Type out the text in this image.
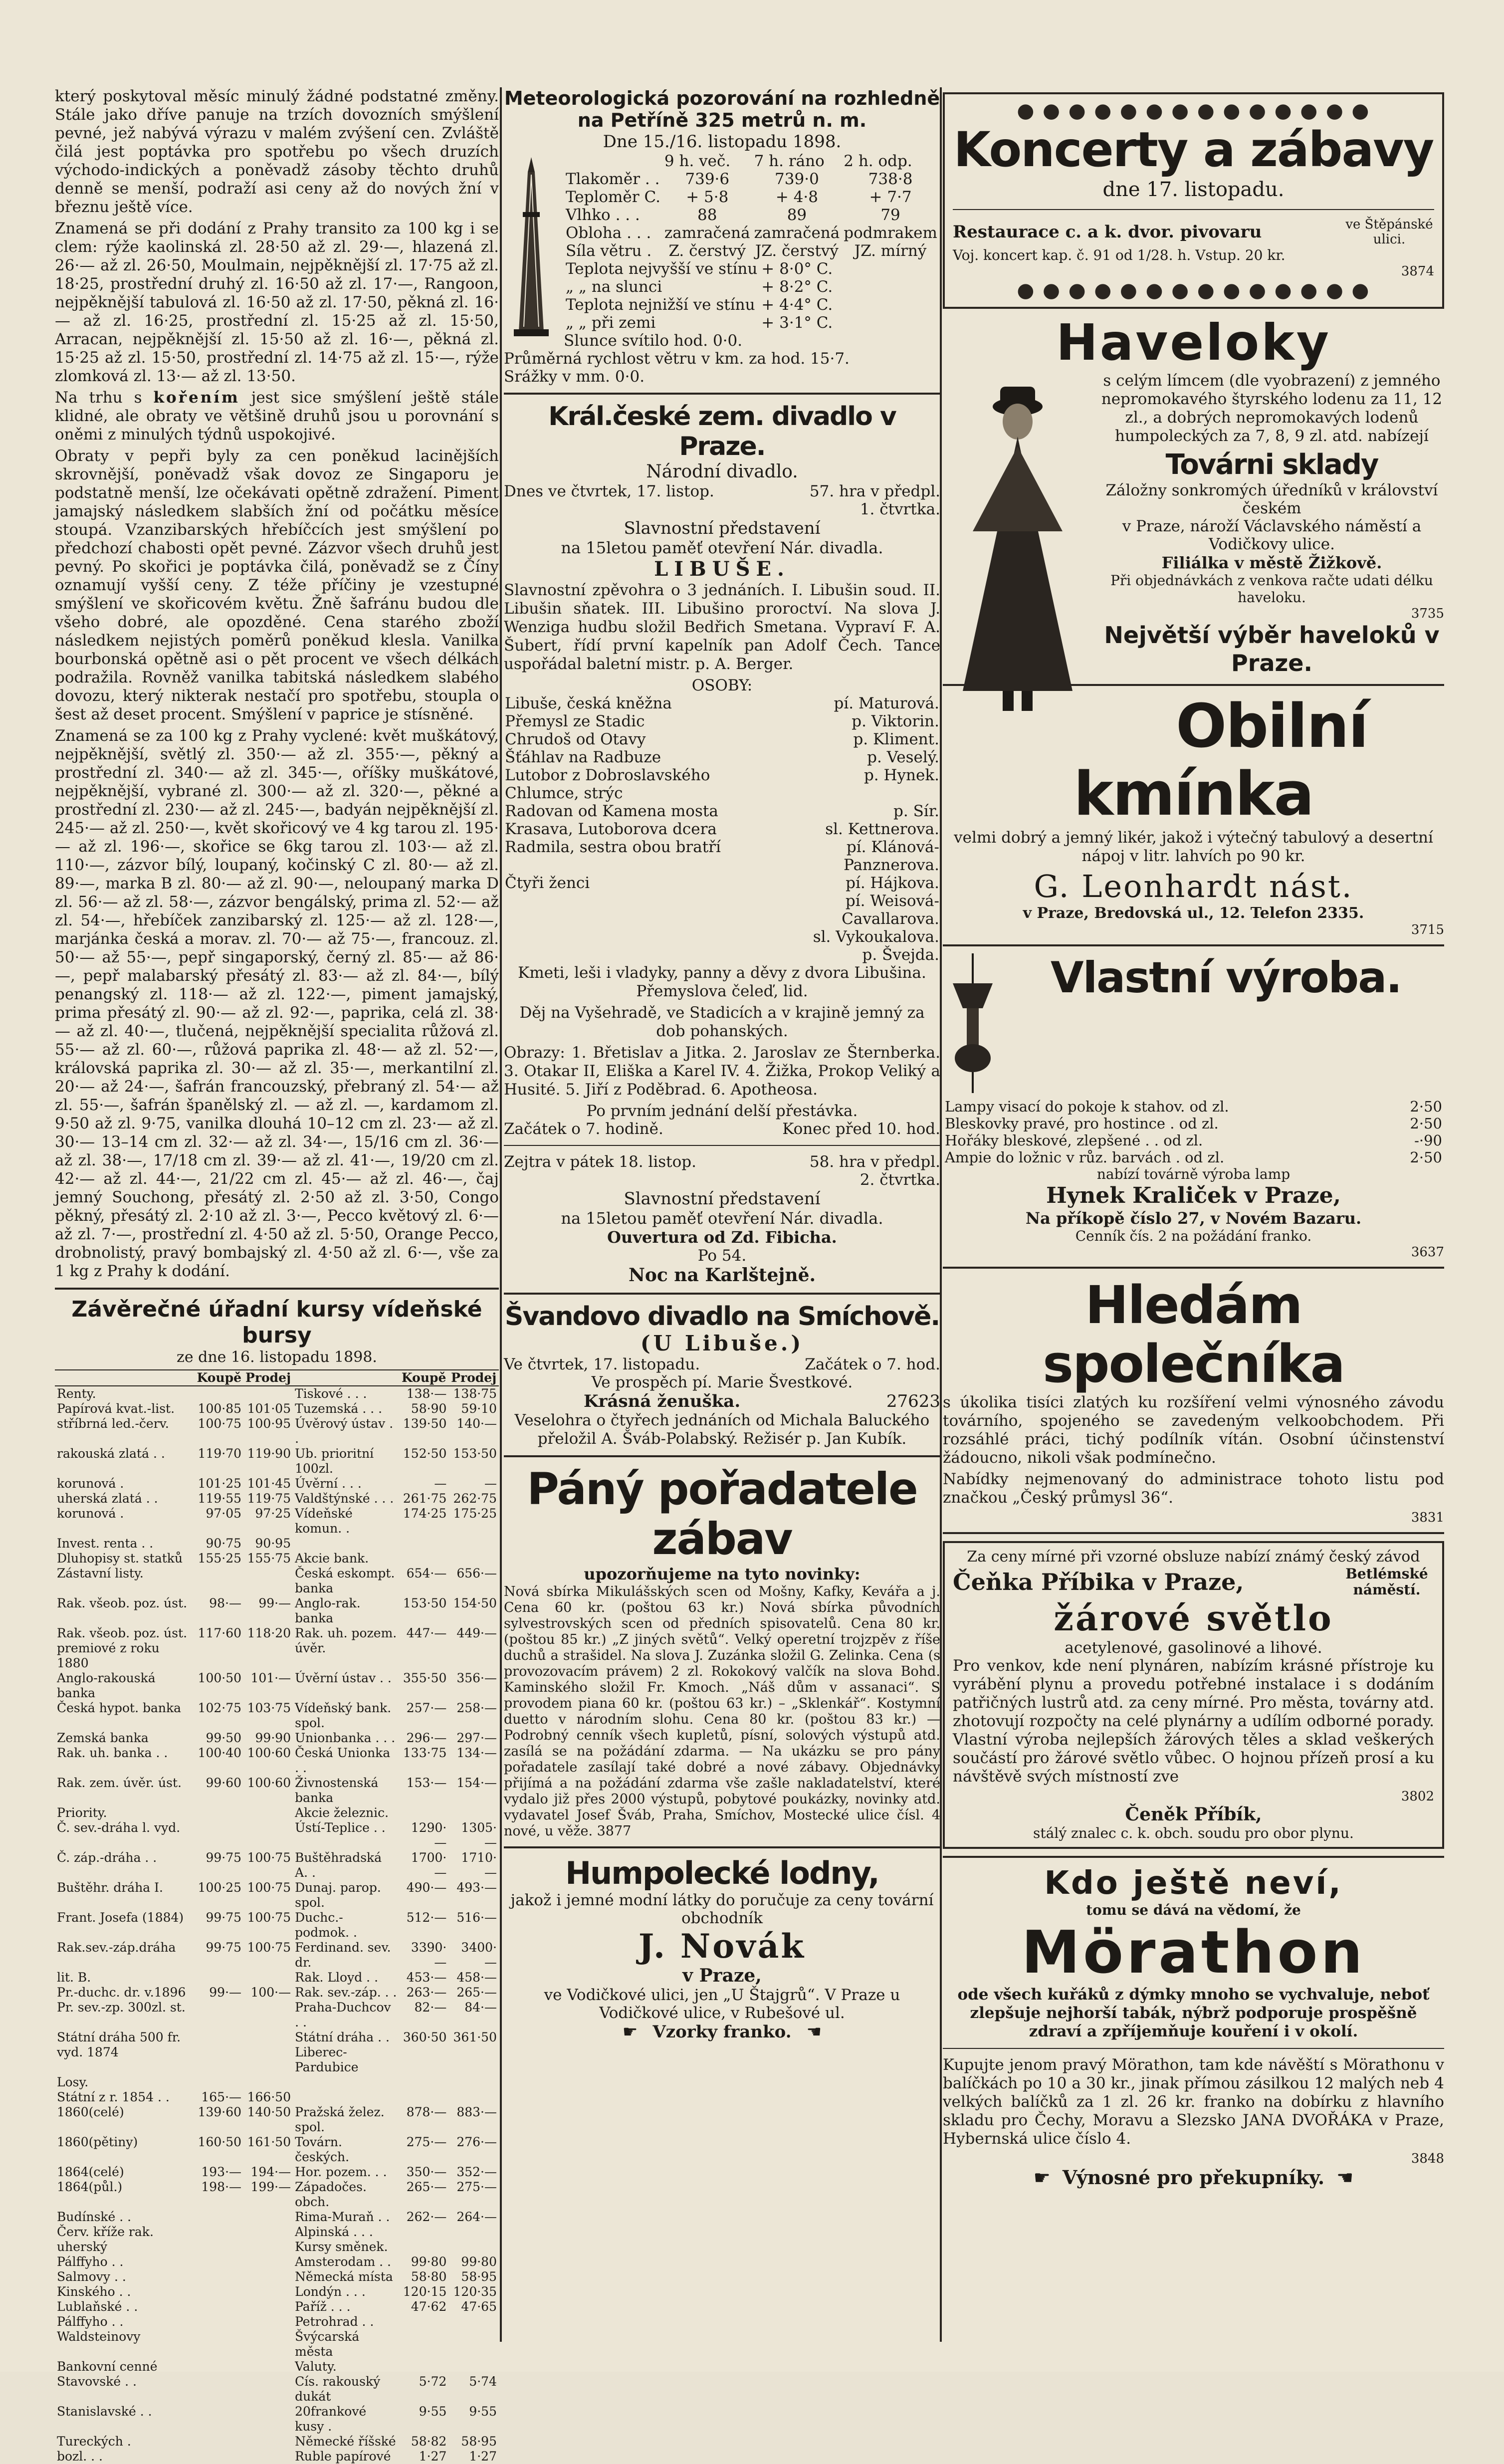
který poskytoval měsíc minulý žádné podstatné změny. Stále jako dříve panuje na trzích dovozních smýšlení pevné, jež nabývá výrazu v malém zvýšení cen. Zvláště čilá jest poptávka pro spotřebu po všech druzích východo-indických a poněvadž zásoby těchto druhů denně se menší, podraží asi ceny až do nových žní v březnu ještě více.

Znamená se při dodání z Prahy transito za 100 kg i se clem: rýže kaolinská zl. 28·50 až zl. 29·—, hlazená zl. 26·— až zl. 26·50, Moulmain, nejpěknější zl. 17·75 až zl. 18·25, prostřední druhý zl. 16·50 až zl. 17·—, Rangoon, nejpěknější tabulová zl. 16·50 až zl. 17·50, pěkná zl. 16·— až zl. 16·25, prostřední zl. 15·25 až zl. 15·50, Arracan, nejpěknější zl. 15·50 až zl. 16·—, pěkná zl. 15·25 až zl. 15·50, prostřední zl. 14·75 až zl. 15·—, rýže zlomková zl. 13·— až zl. 13·50.

Na trhu s kořením jest sice smýšlení ještě stále klidné, ale obraty ve většině druhů jsou u porovnání s oněmi z minulých týdnů uspokojivé.

Obraty v pepři byly za cen poněkud lacinějších skrovnější, poněvadž však dovoz ze Singaporu je podstatně menší, lze očekávati opětně zdražení. Piment jamajský následkem slabších žní od počátku měsíce stoupá. Vzanzibarských hřebíčcích jest smýšlení po předchozí chabosti opět pevné. Zázvor všech druhů jest pevný. Po skořici je poptávka čilá, poněvadž se z Číny oznamují vyšší ceny. Z téže příčiny je vzestupné smýšlení ve skořicovém květu. Žně šafránu budou dle všeho dobré, ale opozděné. Cena starého zboží následkem nejistých poměrů poněkud klesla. Vanilka bourbonská opětně asi o pět procent ve všech délkách podražila. Rovněž vanilka tabitská následkem slabého dovozu, který nikterak nestačí pro spotřebu, stoupla o šest až deset procent. Smýšlení v paprice je stísněné.

Znamená se za 100 kg z Prahy vyclené: květ muškátový, nejpěknější, světlý zl. 350·— až zl. 355·—, pěkný a prostřední zl. 340·— až zl. 345·—, oříšky muškátové, nejpěknější, vybrané zl. 300·— až zl. 320·—, pěkné a prostřední zl. 230·— až zl. 245·—, badyán nejpěknější zl. 245·— až zl. 250·—, květ skořicový ve 4 kg tarou zl. 195·— až zl. 196·—, skořice se 6kg tarou zl. 103·— až zl. 110·—, zázvor bílý, loupaný, kočinský C zl. 80·— až zl. 89·—, marka B zl. 80·— až zl. 90·—, neloupaný marka D zl. 56·— až zl. 58·—, zázvor bengálský, prima zl. 52·— až zl. 54·—, hřebíček zanzibarský zl. 125·— až zl. 128·—, marjánka česká a morav. zl. 70·— až 75·—, francouz. zl. 50·— až 55·—, pepř singaporský, černý zl. 85·— až 86·—, pepř malabarský přesátý zl. 83·— až zl. 84·—, bílý penangský zl. 118·— až zl. 122·—, piment jamajský, prima přesátý zl. 90·— až zl. 92·—, paprika, celá zl. 38·— až zl. 40·—, tlučená, nejpěknější specialita růžová zl. 55·— až zl. 60·—, růžová paprika zl. 48·— až zl. 52·—, královská paprika zl. 30·— až zl. 35·—, merkantilní zl. 20·— až 24·—, šafrán francouzský, přebraný zl. 54·— až zl. 55·—, šafrán španělský zl. — až zl. —, kardamom zl. 9·50 až zl. 9·75, vanilka dlouhá 10–12 cm zl. 23·— až zl. 30·— 13–14 cm zl. 32·— až zl. 34·—, 15/16 cm zl. 36·— až zl. 38·—, 17/18 cm zl. 39·— až zl. 41·—, 19/20 cm zl. 42·— až zl. 44·—, 21/22 cm zl. 45·— až zl. 46·—, čaj jemný Souchong, přesátý zl. 2·50 až zl. 3·50, Congo pěkný, přesátý zl. 2·10 až zl. 3·—, Pecco květový zl. 6·— až zl. 7·—, prostřední zl. 4·50 až zl. 5·50, Orange Pecco, drobnolistý, pravý bombajský zl. 4·50 až zl. 6·—, vše za 1 kg z Prahy k dodání.

Závěrečné úřadní kursy vídeňské bursy
ze dne 16. listopadu 1898.
	Koupě	Prodej		Koupě	Prodej
Renty.			Tiskové . . .	138·—	138·75
Papírová kvat.-list.	100·85	101·05	Tuzemská . . .	58·90	59·10
stříbrná led.-červ.	100·75	100·95	Úvěrový ústav . .	139·50	140·—
rakouská zlatá . .	119·70	119·90	Ub. prioritní 100zl.	152·50	153·50
korunová .	101·25	101·45	Úvěrní . . .	—	—
uherská zlatá . .	119·55	119·75	Valdštýnské . . .	261·75	262·75
korunová .	97·05	97·25	Vídeňské komun. .	174·25	175·25
Invest. renta . .	90·75	90·95			
Dluhopisy st. statků	155·25	155·75	Akcie bank.		
Zástavní listy.			Česká eskompt. banka	654·—	656·—
Rak. všeob. poz. úst.	98·—	99·—	Anglo-rak. banka	153·50	154·50
Rak. všeob. poz. úst. premiové z roku 1880	117·60	118·20	Rak. uh. pozem. úvěr.	447·—	449·—
Anglo-rakouská banka	100·50	101·—	Úvěrní ústav . .	355·50	356·—
Česká hypot. banka	102·75	103·75	Vídeňský bank. spol.	257·—	258·—
Zemská banka	99·50	99·90	Unionbanka . . .	296·—	297·—
Rak. uh. banka . .	100·40	100·60	Česká Unionka . .	133·75	134·—
Rak. zem. úvěr. úst.	99·60	100·60	Živnostenská banka	153·—	154·—
Priority.			Akcie železnic.		
Č. sev.-dráha l. vyd.			Ústí-Teplice . .	1290·—	1305·—
Č. záp.-dráha . .	99·75	100·75	Buštěhradská A. .	1700·—	1710·—
Buštěhr. dráha I.	100·25	100·75	Dunaj. parop. spol.	490·—	493·—
Frant. Josefa (1884)	99·75	100·75	Duchc.-podmok. .	512·—	516·—
Rak.sev.-záp.dráha	99·75	100·75	Ferdinand. sev. dr.	3390·—	3400·—
lit. B.			Rak. Lloyd . .	453·—	458·—
Pr.-duchc. dr. v.1896	99·—	100·—	Rak. sev.-záp. . .	263·—	265·—
Pr. sev.-zp. 300zl. st.			Praha-Duchcov . .	82·—	84·—
Státní dráha 500 fr.			Státní dráha . .	360·50	361·50
vyd. 1874			Liberec-Pardubice		
Losy.					
Státní z r. 1854 . .	165·—	166·50			
1860(celé)	139·60	140·50	Pražská želez. spol.	878·—	883·—
1860(pětiny)	160·50	161·50	Továrn. českých.	275·—	276·—
1864(celé)	193·—	194·—	Hor. pozem. . .	350·—	352·—
1864(půl.)	198·—	199·—	Západočes. obch.	265·—	275·—
Budínské . .			Rima-Muraň . .	262·—	264·—
Červ. kříže rak.			Alpinská . . .		
uherský			Kursy směnek.		
Pálffyho . .			Amsterodam . .	99·80	99·80
Salmovy . .			Německá místa	58·80	58·95
Kinského . .			Londýn . . .	120·15	120·35
Lublaňské . .			Paříž . . .	47·62	47·65
Pálffyho . .			Petrohrad . .		
Waldsteinovy			Švýcarská města		
Bankovní cenné			Valuty.		
Stavovské . .			Cís. rakouský dukát	5·72	5·74
Stanislavské . .			20frankové kusy .	9·55	9·55
Tureckých .			Německé říšské	58·82	58·95
bozl. . .			Ruble papírové	1·27	1·27
Meteorologická pozorování na rozhledně
na Petříně 325 metrů n. m.
Dne 15./16. listopadu 1898.
	9 h. več.	7 h. ráno	2 h. odp.
Tlakoměr . .	739·6	739·0	738·8
Teploměr C.	+ 5·8	+ 4·8	+ 7·7
Vlhko . . .	88	89	79
Obloha . . .	zamračená	zamračená	podmrakem
Síla větru .	Z. čerstvý	JZ. čerstvý	JZ. mírný
Teplota nejvyšší ve stínu	+ 8·0° C.
„ „ na slunci	+ 8·2° C.
Teplota nejnižší ve stínu	+ 4·4° C.
„ „ při zemi	+ 3·1° C.
Slunce svítilo hod. 0·0.
Průměrná rychlost větru v km. za hod. 15·7.
Srážky v mm. 0·0.
Král.české zem. divadlo v Praze.
Národní divadlo.
Dnes ve čtvrtek, 17. listop.	57. hra v předpl.
1. čtvrtka.
Slavnostní představení
na 15letou paměť otevření Nár. divadla.
LIBUŠE.

Slavnostní zpěvohra o 3 jednáních. I. Libušin soud. II. Libušin sňatek. III. Libušino proroctví. Na slova J. Wenziga hudbu složil Bedřich Smetana. Vypraví F. A. Šubert, řídí první kapelník pan Adolf Čech. Tance uspořádal baletní mistr. p. A. Berger.

OSOBY:
Libuše, česká kněžna	pí. Maturová.
Přemysl ze Stadic	p. Viktorin.
Chrudoš od Otavy	p. Kliment.
Šťáhlav na Radbuze	p. Veselý.
Lutobor z Dobroslavského Chlumce, strýc	p. Hynek.
Radovan od Kamena mosta	p. Sír.
Krasava, Lutoborova dcera	sl. Kettnerova.
Radmila, sestra obou bratří	pí. Klánová-Panznerova.
Čtyři ženci	pí. Hájkova.
	pí. Weisová-Cavallarova.
	sl. Vykoukalova.
	p. Švejda.

Kmeti, leši i vladyky, panny a děvy z dvora Libušina. Přemyslova čeleď, lid.

Děj na Vyšehradě, ve Stadicích a v krajině jemný za dob pohanských.

Obrazy: 1. Břetislav a Jitka. 2. Jaroslav ze Šternberka. 3. Otakar II, Eliška a Karel IV. 4. Žižka, Prokop Veliký a Husité. 5. Jiří z Poděbrad. 6. Apotheosa.

Po prvním jednání delší přestávka.
Začátek o 7. hodině.	Konec před 10. hod.
Zejtra v pátek 18. listop.	58. hra v předpl.
2. čtvrtka.
Slavnostní představení
na 15letou paměť otevření Nár. divadla.
Ouvertura od Zd. Fibicha.
Po 54.
Noc na Karlštejně.
Švandovo divadlo na Smíchově.
(U Libuše.)
Ve čtvrtek, 17. listopadu.	Začátek o 7. hod.
Ve prospěch pí. Marie Švestkové.
Krásná ženuška.	27623

Veselohra o čtyřech jednáních od Michala Baluckého přeložil A. Šváb-Polabský. Režisér p. Jan Kubík.

Páný pořadatele zábav
upozorňujeme na tyto novinky:

Nová sbírka Mikulášských scen od Mošny, Kafky, Kevářa a j. Cena 60 kr. (poštou 63 kr.) Nová sbírka původních sylvestrovských scen od předních spisovatelů. Cena 80 kr. (poštou 85 kr.) „Z jiných světů“. Velký operetní trojzpěv z říše duchů a strašidel. Na slova J. Zuzánka složil G. Zelinka. Cena (s provozovacím právem) 2 zl. Rokokový valčík na slova Bohd. Kaminského složil Fr. Kmoch. „Náš dům v assanaci“. S provodem piana 60 kr. (poštou 63 kr.) – „Sklenkář“. Kostymní duetto v národním slohu. Cena 80 kr. (poštou 83 kr.) — Podrobný cenník všech kupletů, písní, solových výstupů atd. zasílá se na požádání zdarma. — Na ukázku se pro pány pořadatele zasílají také dobré a nové zábavy. Objednávky přijímá a na požádání zdarma vše zašle nakladatelství, které vydalo již přes 2000 výstupů, pobytové poukázky, novinky atd. vydavatel Josef Šváb, Praha, Smíchov, Mostecké ulice čísl. 4 nové, u věže. 3877

Humpolecké lodny,
jakož i jemné modní látky do poručuje za ceny tovární obchodník
J. Novák
v Praze,
ve Vodičkové ulici, jen „U Štajgrů“. V Praze u Vodičkové ulice, v Rubešové ul.
☛ Vzorky franko. ☚
● ● ● ● ● ● ● ● ● ● ● ● ● ●
Koncerty a zábavy
dne 17. listopadu.
Restaurace c. a k. dvor. pivovaru	ve Štěpánské ulici.
Voj. koncert kap. č. 91 od 1/28. h. Vstup. 20 kr.
3874
● ● ● ● ● ● ● ● ● ● ● ● ● ●
Haveloky

s celým límcem (dle vyobrazení) z jemného nepromokavého štyrského lodenu za 11, 12 zl., a dobrých nepromokavých lodenů humpoleckých za 7, 8, 9 zl. atd. nabízejí

Továrni sklady
Záložny sonkromých úředníků v království českém
v Praze, nároží Václavského náměstí a Vodičkovy ulice.
Filiálka v městě Žižkově.
Při objednávkách z venkova račte udati délku haveloku.
3735
Největší výběr haveloků v Praze.
Obilní kmínka

velmi dobrý a jemný likér, jakož i výtečný tabulový a desertní nápoj v litr. lahvích po 90 kr.

G. Leonhardt nást.
v Praze, Bredovská ul., 12. Telefon 2335.
3715
Vlastní výroba.
Lampy visací do pokoje k stahov. od zl.	2·50
Bleskovky pravé, pro hostince . od zl.	2·50
Hořáky bleskové, zlepšené . . od zl.	-·90
Ampie do ložnic v růz. barvách . od zl.	2·50
nabízí továrně výroba lamp
Hynek Kraliček v Praze,
Na příkopě číslo 27, v Novém Bazaru.
Cenník čís. 2 na požádání franko.
3637
Hledám společníka

s úkolika tisíci zlatých ku rozšíření velmi výnosného závodu továrního, spojeného se zavedeným velkoobchodem. Při rozsáhlé práci, tichý podílník vítán. Osobní účinstenství žádoucno, nikoli však podmínečno.

Nabídky nejmenovaný do administrace tohoto listu pod značkou „Český průmysl 36“.

3831
Za ceny mírné při vzorné obsluze nabízí známý český závod
Čeňka Příbika v Praze,	Betlémské náměstí.
žárové světlo
acetylenové, gasolinové a lihové.

Pro venkov, kde není plynáren, nabízím krásné přístroje ku vyrábění plynu a provedu potřebné instalace i s dodáním patřičných lustrů atd. za ceny mírné. Pro města, továrny atd. zhotovují rozpočty na celé plynárny a udílím odborné porady. Vlastní výroba nejlepších žárových těles a sklad veškerých součástí pro žárové světlo vůbec. O hojnou přízeň prosí a ku návštěvě svých místností zve

3802
Čeněk Příbík,
stálý znalec c. k. obch. soudu pro obor plynu.
Kdo ještě neví,
tomu se dává na vědomí, že
Mörathon

ode všech kuřáků z dýmky mnoho se vychvaluje, neboť zlepšuje nejhorší tabák, nýbrž podporuje prospěšně zdraví a zpříjemňuje kouření i v okolí.

Kupujte jenom pravý Mörathon, tam kde návěští s Mörathonu v balíčkách po 10 a 30 kr., jinak přímou zásilkou 12 malých neb 4 velkých balíčků za 1 zl. 26 kr. franko na dobírku z hlavního skladu pro Čechy, Moravu a Slezsko JANA DVOŘÁKA v Praze, Hybernská ulice číslo 4.

3848
☛ Výnosné pro překupníky. ☚
